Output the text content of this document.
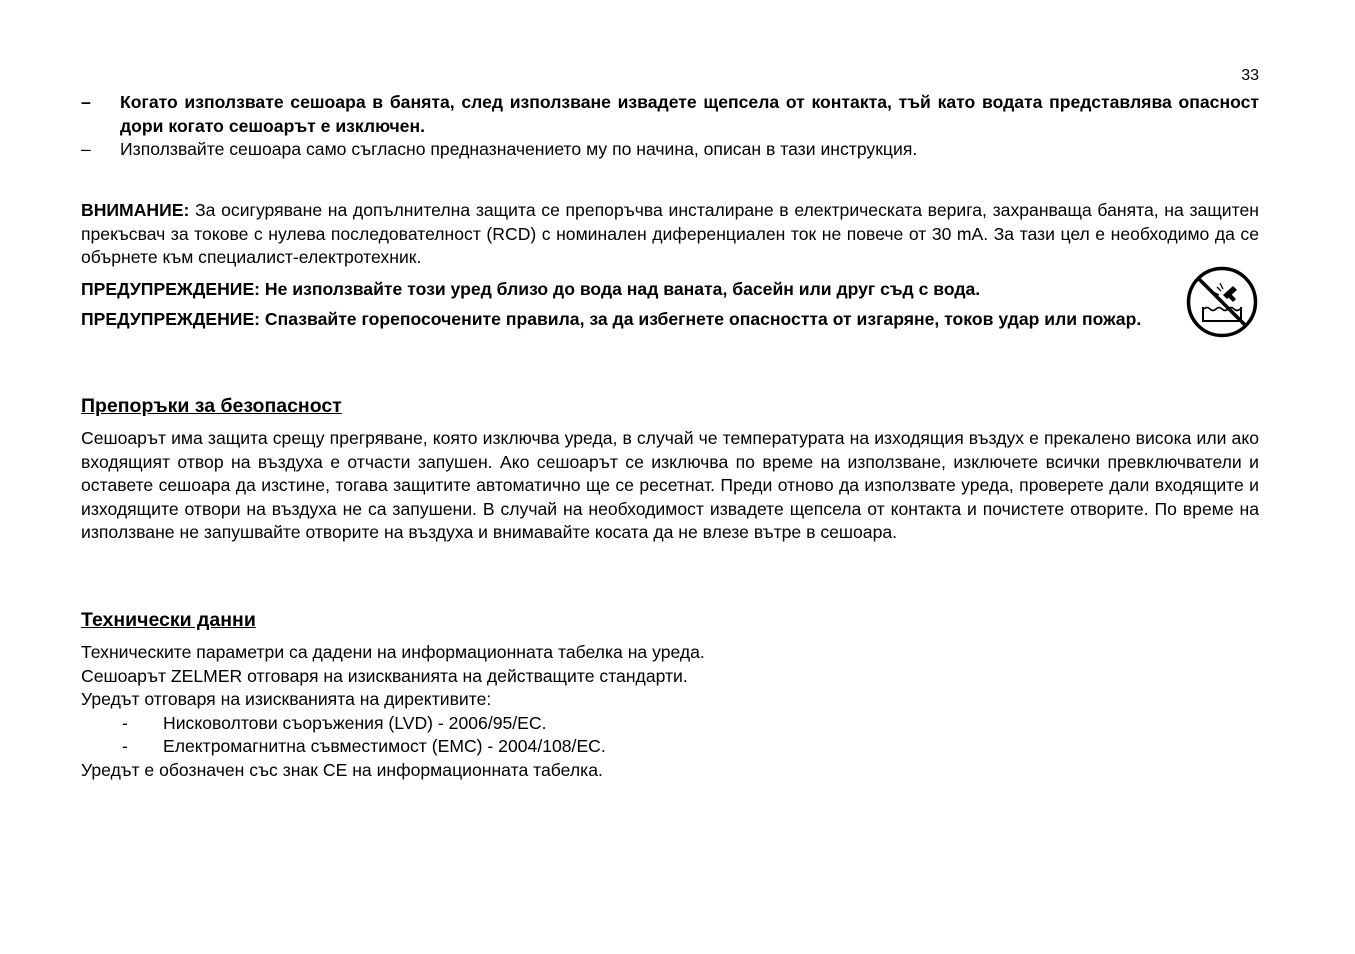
33
– Когато използвате сешоара в банята, след използване извадете щепсела от контакта, тъй като водата представлява опасност дори когато сешоарът е изключен.
– Използвайте сешоара само съгласно предназначението му по начина, описан в тази инструкция.
ВНИМАНИЕ: За осигуряване на допълнителна защита се препоръчва инсталиране в електрическата верига, захранваща банята, на защитен прекъсвач за токове с нулева последователност (RCD) с номинален диференциален ток не повече от 30 mA. За тази цел е необходимо да се обърнете към специалист-електротехник.
ПРЕДУПРЕЖДЕНИЕ: Не използвайте този уред близо до вода над ваната, басейн или друг съд с вода.
ПРЕДУПРЕЖДЕНИЕ: Спазвайте горепосочените правила, за да избегнете опасността от изгаряне, токов удар или пожар.
Препоръки за безопасност
Сешоарът има защита срещу прегряване, която изключва уреда, в случай че температурата на изходящия въздух е прекалено висока или ако входящият отвор на въздуха е отчасти запушен. Ако сешоарът се изключва по време на използване, изключете всички превключватели и оставете сешоара да изстине, тогава защитите автоматично ще се ресетнат. Преди отново да използвате уреда, проверете дали входящите и изходящите отвори на въздуха не са запушени. В случай на необходимост извадете щепсела от контакта и почистете отворите. По време на използване не запушвайте отворите на въздуха и внимавайте косата да не влезе вътре в сешоара.
Технически данни
Техническите параметри са дадени на информационната табелка на уреда.
Сешоарът ZELMER отговаря на изискванията на действащите стандарти.
Уредът отговаря на изискванията на директивите:
- Нисковолтови съоръжения (LVD) - 2006/95/EC.
- Електромагнитна съвместимост (EMC) - 2004/108/EC.
Уредът е обозначен със знак CE на информационната табелка.
